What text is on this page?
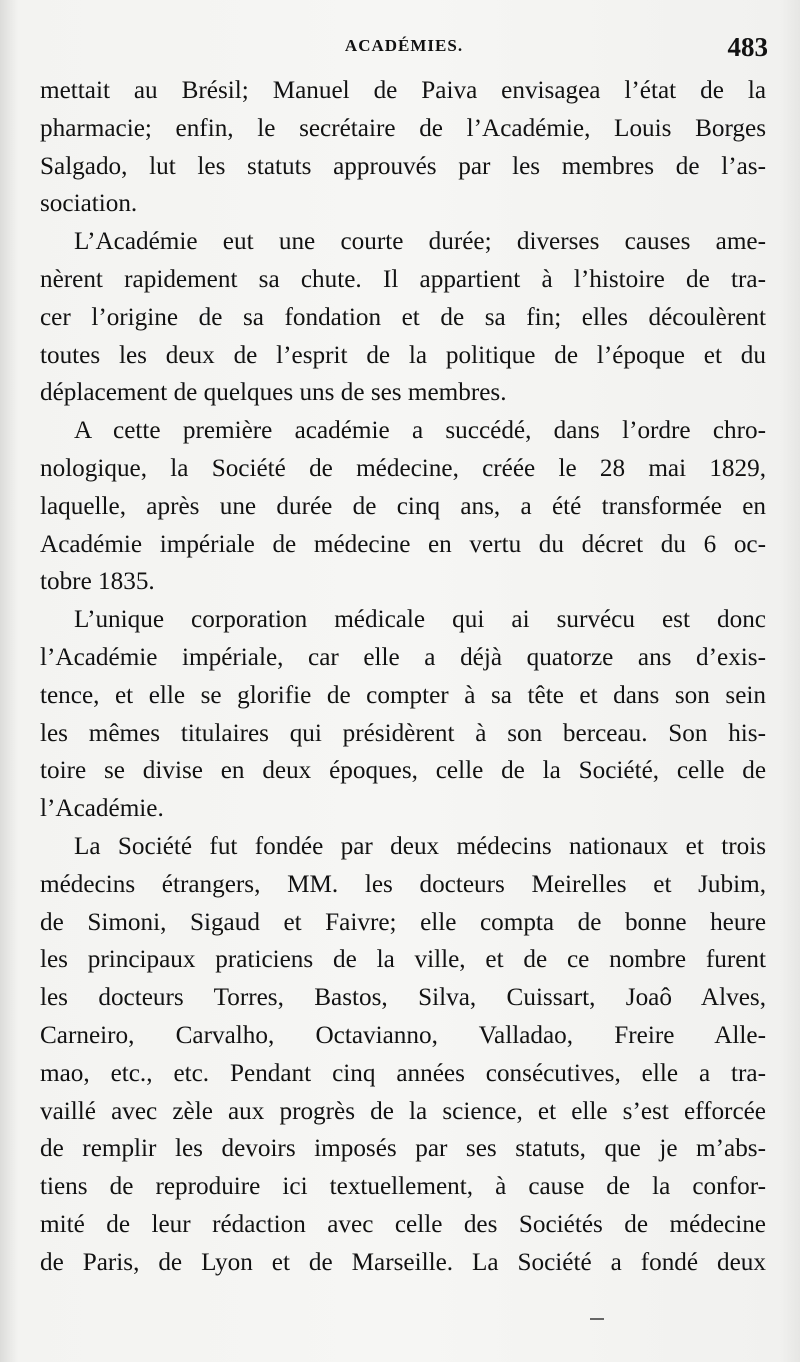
ACADÉMIES.	483
mettait au Brésil; Manuel de Paiva envisagea l’état de la
pharmacie; enfin, le secrétaire de l’Académie, Louis Borges
Salgado, lut les statuts approuvés par les membres de l’as-
sociation.
L’Académie eut une courte durée; diverses causes ame-
nèrent rapidement sa chute. Il appartient à l’histoire de tra-
cer l’origine de sa fondation et de sa fin; elles découlèrent
toutes les deux de l’esprit de la politique de l’époque et du
déplacement de quelques uns de ses membres.
A cette première académie a succédé, dans l’ordre chro-
nologique, la Société de médecine, créée le 28 mai 1829,
laquelle, après une durée de cinq ans, a été transformée en
Académie impériale de médecine en vertu du décret du 6 oc-
tobre 1835.
L’unique corporation médicale qui ai survécu est donc
l’Académie impériale, car elle a déjà quatorze ans d’exis-
tence, et elle se glorifie de compter à sa tête et dans son sein
les mêmes titulaires qui présidèrent à son berceau. Son his-
toire se divise en deux époques, celle de la Société, celle de
l’Académie.
La Société fut fondée par deux médecins nationaux et trois
médecins étrangers, MM. les docteurs Meirelles et Jubim,
de Simoni, Sigaud et Faivre; elle compta de bonne heure
les principaux praticiens de la ville, et de ce nombre furent
les docteurs Torres, Bastos, Silva, Cuissart, Joaô Alves,
Carneiro, Carvalho, Octavianno, Valladao, Freire Alle-
mao, etc., etc. Pendant cinq années consécutives, elle a tra-
vaillé avec zèle aux progrès de la science, et elle s’est efforcée
de remplir les devoirs imposés par ses statuts, que je m’abs-
tiens de reproduire ici textuellement, à cause de la confor-
mité de leur rédaction avec celle des Sociétés de médecine
de Paris, de Lyon et de Marseille. La Société a fondé deux
